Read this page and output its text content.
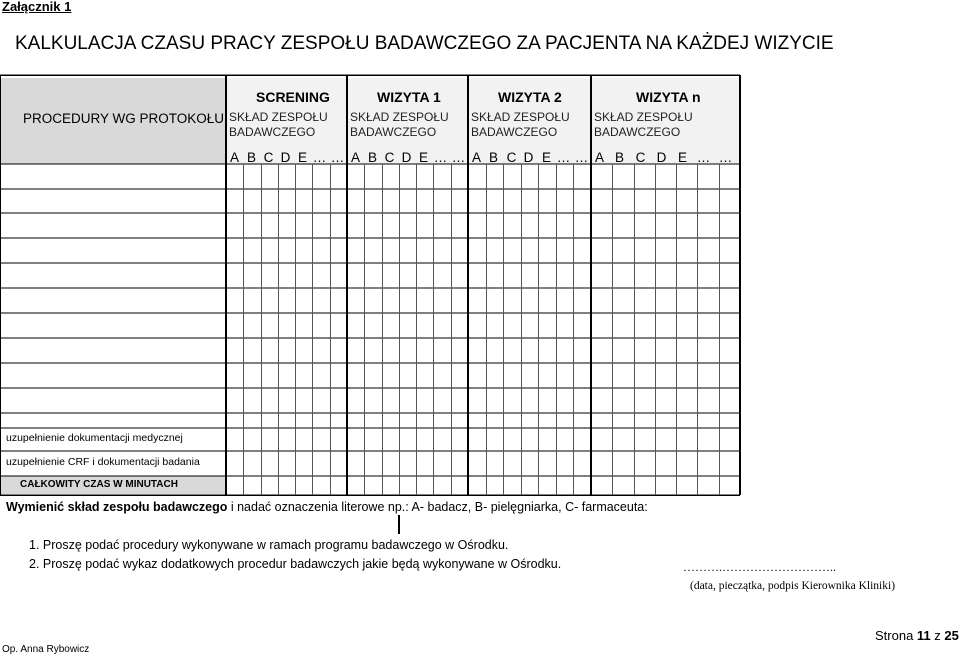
Załącznik 1
KALKULACJA CZASU PRACY ZESPOŁU BADAWCZEGO ZA PACJENTA NA KAŻDEJ WIZYCIE
PROCEDURY WG PROTOKOŁU
SCRENING
SKŁAD ZESPOŁU
BADAWCZEGO
A B C D E … …
WIZYTA 1
SKŁAD ZESPOŁU
BADAWCZEGO
A B C D E … …
WIZYTA 2
SKŁAD ZESPOŁU
BADAWCZEGO
A B C D E … …
WIZYTA n
SKŁAD ZESPOŁU
BADAWCZEGO
A B C D E … …
uzupełnienie dokumentacji medycznej
uzupełnienie CRF i dokumentacji badania
CAŁKOWITY CZAS W MINUTACH
Wymienić skład zespołu badawczego i nadać oznaczenia literowe np.: A- badacz, B- pielęgniarka, C- farmaceuta:
1. Proszę podać procedury wykonywane w ramach programu badawczego w Ośrodku.
2. Proszę podać wykaz dodatkowych procedur badawczych jakie będą wykonywane w Ośrodku.	……….………………………..
(data, pieczątka, podpis Kierownika Kliniki)
Op. Anna Rybowicz
Strona 11 z 25
